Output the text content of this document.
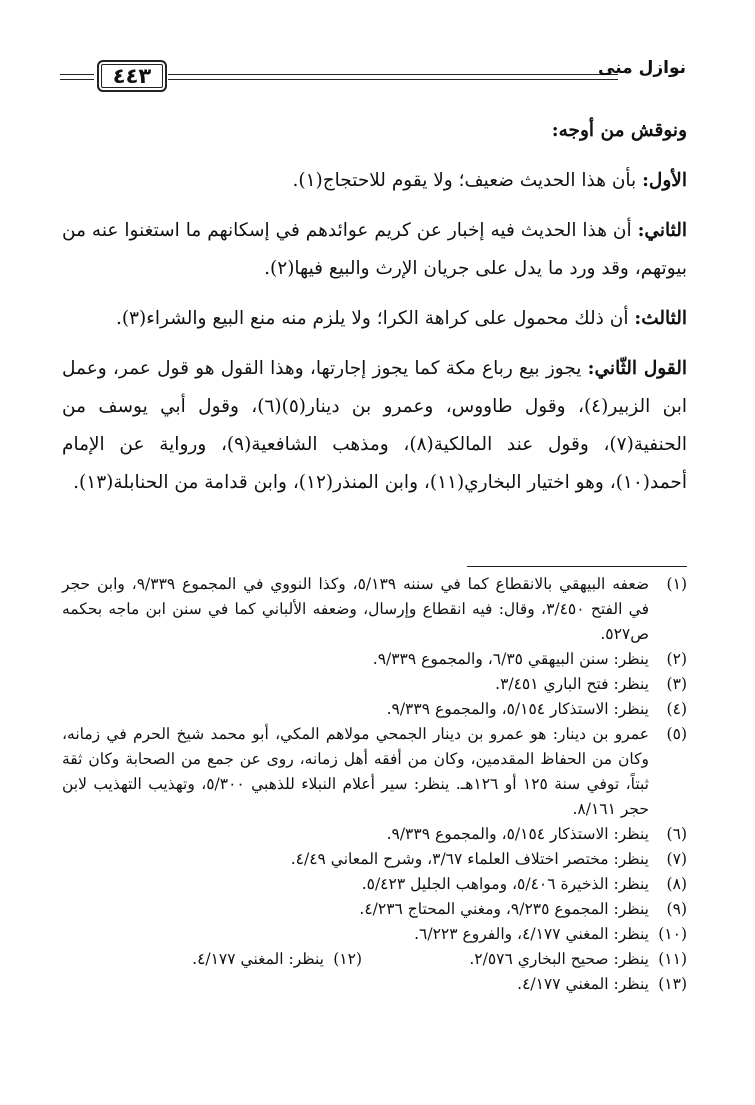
٤٤٣	نوازل منى

ونوقش من أوجه:

الأول: بأن هذا الحديث ضعيف؛ ولا يقوم للاحتجاج(١).

الثاني: أن هذا الحديث فيه إخبار عن كريم عوائدهم في إسكانهم ما استغنوا عنه من بيوتهم، وقد ورد ما يدل على جريان الإرث والبيع فيها(٢).

الثالث: أن ذلك محمول على كراهة الكرا؛ ولا يلزم منه منع البيع والشراء(٣).

القول الثّاني: يجوز بيع رباع مكة كما يجوز إجارتها، وهذا القول هو قول عمر، وعمل ابن الزبير(٤)، وقول طاووس، وعمرو بن دينار(٥)(٦)، وقول أبي يوسف من الحنفية(٧)، وقول عند المالكية(٨)، ومذهب الشافعية(٩)، ورواية عن الإمام أحمد(١٠)، وهو اختيار البخاري(١١)، وابن المنذر(١٢)، وابن قدامة من الحنابلة(١٣).

(١)
ضعفه البيهقي بالانقطاع كما في سننه ٥/١٣٩، وكذا النووي في المجموع ٩/٣٣٩، وابن حجر في الفتح ٣/٤٥٠، وقال: فيه انقطاع وإرسال، وضعفه الألباني كما في سنن ابن ماجه بحكمه ص٥٢٧.
(٢)
ينظر: سنن البيهقي ٦/٣٥، والمجموع ٩/٣٣٩.
(٣)
ينظر: فتح الباري ٣/٤٥١.
(٤)
ينظر: الاستذكار ٥/١٥٤، والمجموع ٩/٣٣٩.
(٥)
عمرو بن دينار: هو عمرو بن دينار الجمحي مولاهم المكي، أبو محمد شيخ الحرم في زمانه، وكان من الحفاظ المقدمين، وكان من أفقه أهل زمانه، روى عن جمع من الصحابة وكان ثقة ثبتاً، توفي سنة ١٢٥ أو ١٢٦هـ. ينظر: سير أعلام النبلاء للذهبي ٥/٣٠٠، وتهذيب التهذيب لابن حجر ٨/١٦١.
(٦)
ينظر: الاستذكار ٥/١٥٤، والمجموع ٩/٣٣٩.
(٧)
ينظر: مختصر اختلاف العلماء ٣/٦٧، وشرح المعاني ٤/٤٩.
(٨)
ينظر: الذخيرة ٥/٤٠٦، ومواهب الجليل ٥/٤٢٣.
(٩)
ينظر: المجموع ٩/٢٣٥، ومغني المحتاج ٤/٢٣٦.
(١٠)
ينظر: المغني ٤/١٧٧، والفروع ٦/٢٢٣.
(١١)
ينظر: صحيح البخاري ٢/٥٧٦.
(١٢)
ينظر: المغني ٤/١٧٧.
(١٣)
ينظر: المغني ٤/١٧٧.
